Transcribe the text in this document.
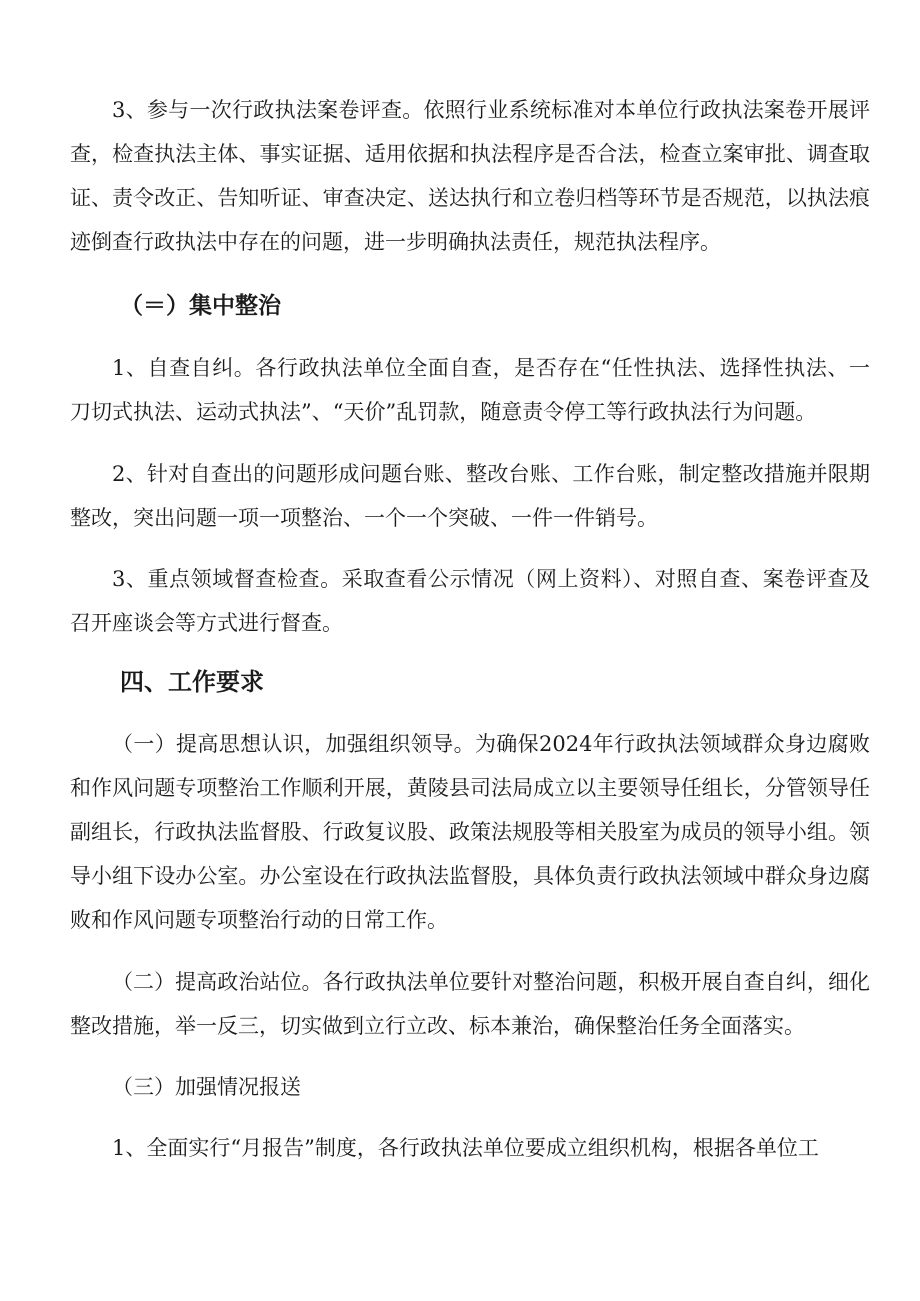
3、参与一次行政执法案卷评查。依照行业系统标准对本单位行政执法案卷开展评查，检查执法主体、事实证据、适用依据和执法程序是否合法，检查立案审批、调查取证、责令改正、告知听证、审查决定、送达执行和立卷归档等环节是否规范，以执法痕迹倒查行政执法中存在的问题，进一步明确执法责任，规范执法程序。

（＝）集中整治

1、自查自纠。各行政执法单位全面自查，是否存在“任性执法、选择性执法、一刀切式执法、运动式执法”、“天价”乱罚款，随意责令停工等行政执法行为问题。

2、针对自查出的问题形成问题台账、整改台账、工作台账，制定整改措施并限期整改，突出问题一项一项整治、一个一个突破、一件一件销号。

3、重点领域督查检查。采取查看公示情况（网上资料）、对照自查、案卷评查及召开座谈会等方式进行督查。

四、工作要求

（一）提高思想认识，加强组织领导。为确保2024年行政执法领域群众身边腐败和作风问题专项整治工作顺利开展，黄陵县司法局成立以主要领导任组长，分管领导任副组长，行政执法监督股、行政复议股、政策法规股等相关股室为成员的领导小组。领导小组下设办公室。办公室设在行政执法监督股，具体负责行政执法领域中群众身边腐败和作风问题专项整治行动的日常工作。

（二）提高政治站位。各行政执法单位要针对整治问题，积极开展自查自纠，细化整改措施，举一反三，切实做到立行立改、标本兼治，确保整治任务全面落实。

（三）加强情况报送

1、全面实行“月报告”制度，各行政执法单位要成立组织机构，根据各单位工
